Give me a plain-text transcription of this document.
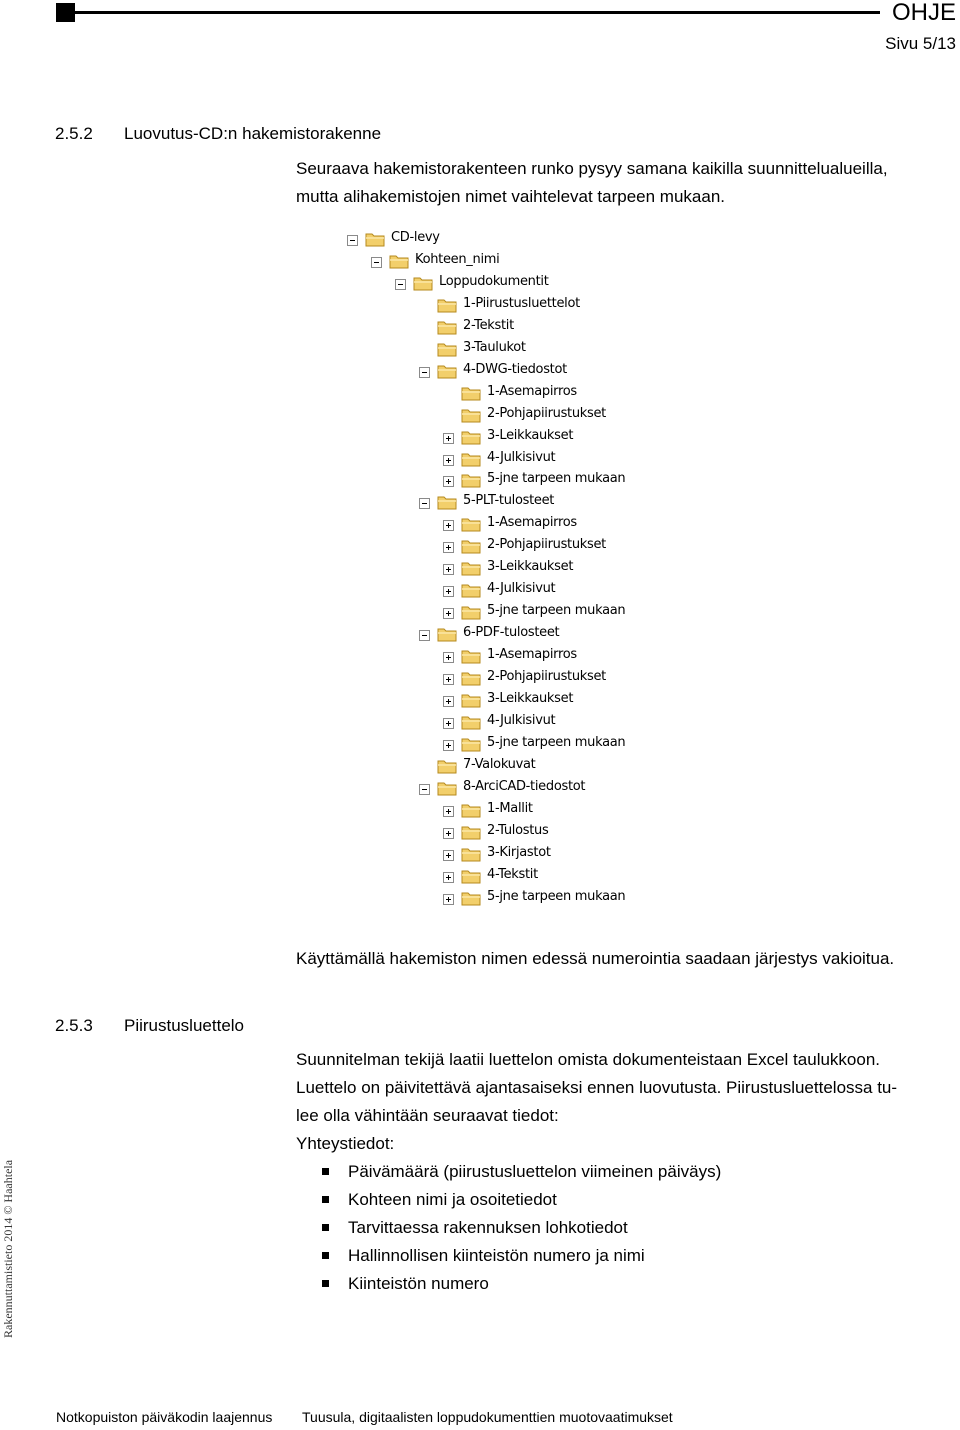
OHJE
Sivu 5/13
2.5.2 Luovutus-CD:n hakemistorakenne
Seuraava hakemistorakenteen runko pysyy samana kaikilla suunnittelualueilla,
mutta alihakemistojen nimet vaihtelevat tarpeen mukaan.
CD-levy
Kohteen_nimi
Loppudokumentit
1-Piirustusluettelot
2-Tekstit
3-Taulukot
4-DWG-tiedostot
1-Asemapirros
2-Pohjapiirustukset
3-Leikkaukset
4-Julkisivut
5-jne tarpeen mukaan
5-PLT-tulosteet
1-Asemapirros
2-Pohjapiirustukset
3-Leikkaukset
4-Julkisivut
5-jne tarpeen mukaan
6-PDF-tulosteet
1-Asemapirros
2-Pohjapiirustukset
3-Leikkaukset
4-Julkisivut
5-jne tarpeen mukaan
7-Valokuvat
8-ArciCAD-tiedostot
1-Mallit
2-Tulostus
3-Kirjastot
4-Tekstit
5-jne tarpeen mukaan
Käyttämällä hakemiston nimen edessä numerointia saadaan järjestys vakioitua.
2.5.3 Piirustusluettelo
Suunnitelman tekijä laatii luettelon omista dokumenteistaan Excel taulukkoon.
Luettelo on päivitettävä ajantasaiseksi ennen luovutusta. Piirustusluettelossa tu-
lee olla vähintään seuraavat tiedot:
Yhteystiedot:
Päivämäärä (piirustusluettelon viimeinen päiväys)
Kohteen nimi ja osoitetiedot
Tarvittaessa rakennuksen lohkotiedot
Hallinnollisen kiinteistön numero ja nimi
Kiinteistön numero
Rakennuttamistieto 2014 © Haahtela
Notkopuiston päiväkodin laajennus Tuusula, digitaalisten loppudokumenttien muotovaatimukset
